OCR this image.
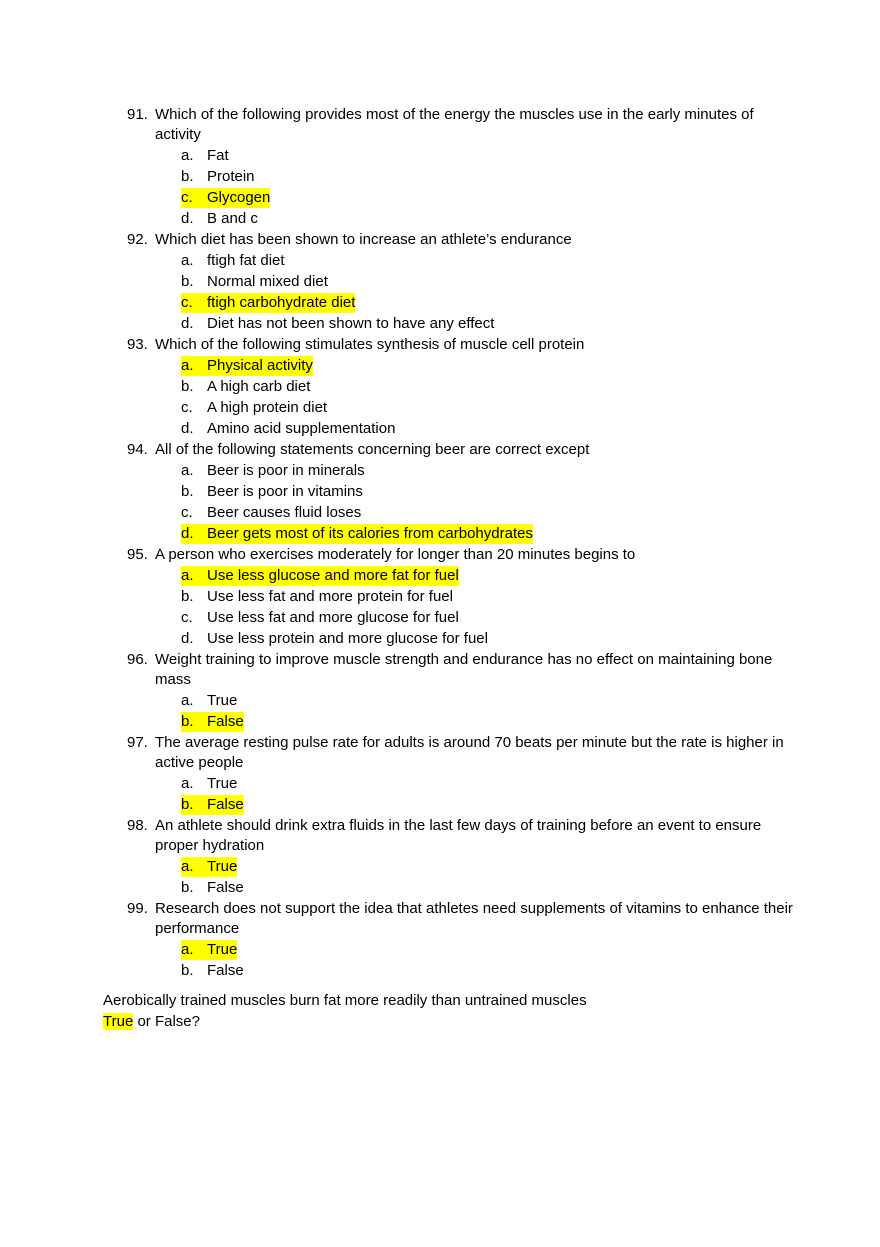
91. Which of the following provides most of the energy the muscles use in the early minutes of activity
a. Fat
b. Protein
c. Glycogen
d. B and c
92. Which diet has been shown to increase an athlete’s endurance
a. ftigh fat diet
b. Normal mixed diet
c. ftigh carbohydrate diet
d. Diet has not been shown to have any effect
93. Which of the following stimulates synthesis of muscle cell protein
a. Physical activity
b. A high carb diet
c. A high protein diet
d. Amino acid supplementation
94. All of the following statements concerning beer are correct except
a. Beer is poor in minerals
b. Beer is poor in vitamins
c. Beer causes fluid loses
d. Beer gets most of its calories from carbohydrates
95. A person who exercises moderately for longer than 20 minutes begins to
a. Use less glucose and more fat for fuel
b. Use less fat and more protein for fuel
c. Use less fat and more glucose for fuel
d. Use less protein and more glucose for fuel
96. Weight training to improve muscle strength and endurance has no effect on maintaining bone mass
a. True
b. False
97. The average resting pulse rate for adults is around 70 beats per minute but the rate is higher in active people
a. True
b. False
98. An athlete should drink extra fluids in the last few days of training before an event to ensure proper hydration
a. True
b. False
99. Research does not support the idea that athletes need supplements of vitamins to enhance their performance
a. True
b. False
Aerobically trained muscles burn fat more readily than untrained muscles
True or False?
